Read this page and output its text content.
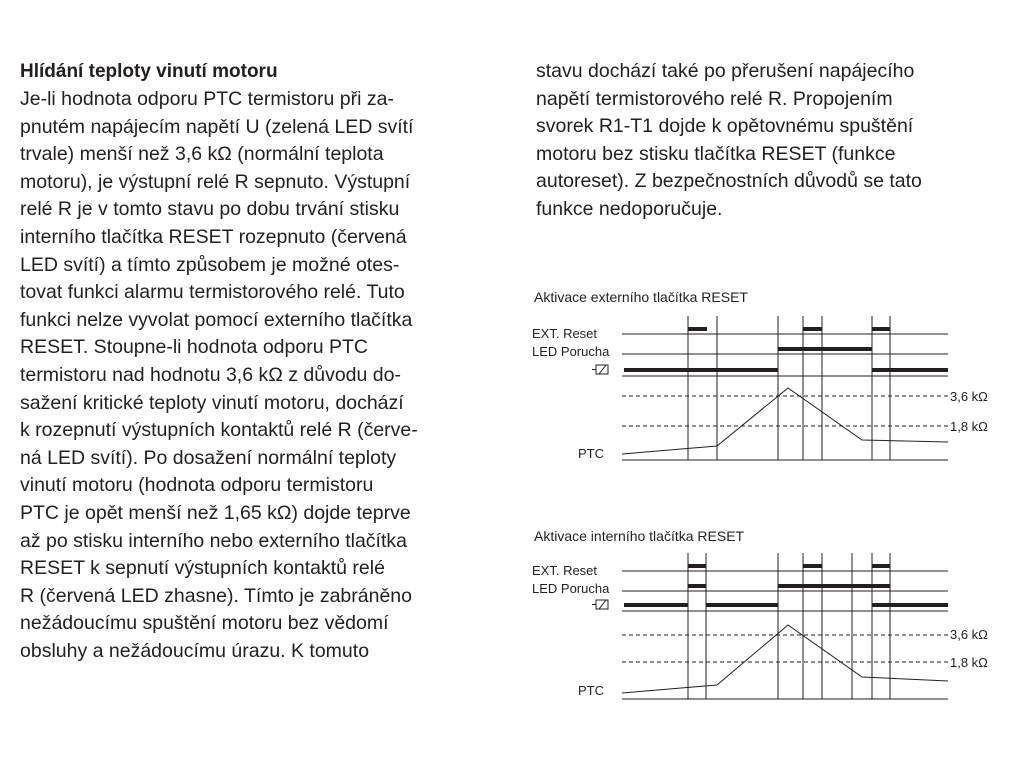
Hlídání teploty vinutí motoru
Je-li hodnota odporu PTC termistoru při za-
pnutém napájecím napětí U (zelená LED svítí
trvale) menší než 3,6 kΩ (normální teplota
motoru), je výstupní relé R sepnuto. Výstupní
relé R je v tomto stavu po dobu trvání stisku
interního tlačítka RESET rozepnuto (červená
LED svítí) a tímto způsobem je možné otes-
tovat funkci alarmu termistorového relé. Tuto
funkci nelze vyvolat pomocí externího tlačítka
RESET. Stoupne-li hodnota odporu PTC
termistoru nad hodnotu 3,6 kΩ z důvodu do-
sažení kritické teploty vinutí motoru, dochází
k rozepnutí výstupních kontaktů relé R (červe-
ná LED svítí). Po dosažení normální teploty
vinutí motoru (hodnota odporu termistoru
PTC je opět menší než 1,65 kΩ) dojde teprve
až po stisku interního nebo externího tlačítka
RESET k sepnutí výstupních kontaktů relé
R (červená LED zhasne). Tímto je zabráněno
nežádoucímu spuštění motoru bez vědomí
obsluhy a nežádoucímu úrazu. K tomuto
stavu dochází také po přerušení napájecího
napětí termistorového relé R. Propojením
svorek R1-T1 dojde k opětovnému spuštění
motoru bez stisku tlačítka RESET (funkce
autoreset). Z bezpečnostních důvodů se tato
funkce nedoporučuje.
Aktivace externího tlačítka RESET
EXT. Reset
LED Porucha
3,6 kΩ
1,8 kΩ
PTC
Aktivace interního tlačítka RESET
EXT. Reset
LED Porucha
3,6 kΩ
1,8 kΩ
PTC
